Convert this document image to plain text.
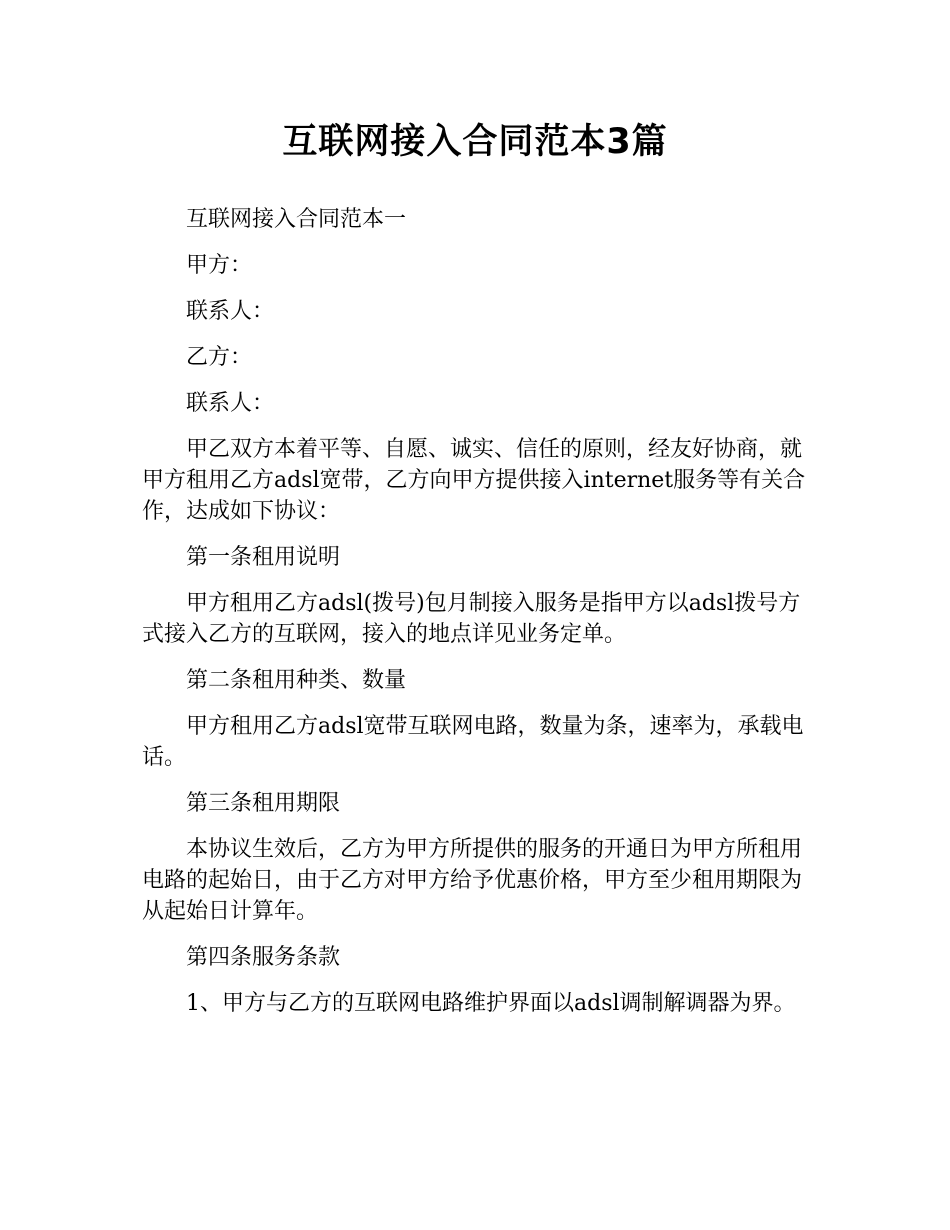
互联网接入合同范本3篇

互联网接入合同范本一

甲方：

联系人：

乙方：

联系人：

甲乙双方本着平等、自愿、诚实、信任的原则，经友好协商，就甲方租用乙方adsl宽带，乙方向甲方提供接入internet服务等有关合作，达成如下协议：

第一条租用说明

甲方租用乙方adsl(拨号)包月制接入服务是指甲方以adsl拨号方式接入乙方的互联网，接入的地点详见业务定单。

第二条租用种类、数量

甲方租用乙方adsl宽带互联网电路，数量为条，速率为，承载电话。

第三条租用期限

本协议生效后，乙方为甲方所提供的服务的开通日为甲方所租用电路的起始日，由于乙方对甲方给予优惠价格，甲方至少租用期限为从起始日计算年。

第四条服务条款

1、甲方与乙方的互联网电路维护界面以adsl调制解调器为界。
